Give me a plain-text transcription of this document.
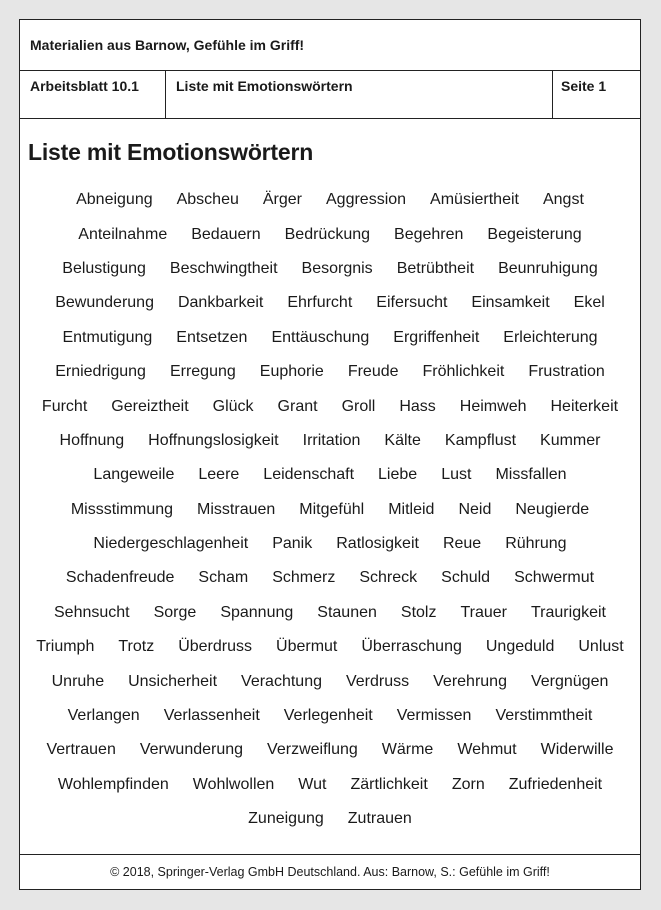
Materialien aus Barnow, Gefühle im Griff!
Arbeitsblatt 10.1	Liste mit Emotionswörtern	Seite 1
Liste mit Emotionswörtern
Abneigung Abscheu Ärger Aggression Amüsiertheit Angst
Anteilnahme Bedauern Bedrückung Begehren Begeisterung
Belustigung Beschwingtheit Besorgnis Betrübtheit Beunruhigung
Bewunderung Dankbarkeit Ehrfurcht Eifersucht Einsamkeit Ekel
Entmutigung Entsetzen Enttäuschung Ergriffenheit Erleichterung
Erniedrigung Erregung Euphorie Freude Fröhlichkeit Frustration
Furcht Gereiztheit Glück Grant Groll Hass Heimweh Heiterkeit
Hoffnung Hoffnungslosigkeit Irritation Kälte Kampflust Kummer
Langeweile Leere Leidenschaft Liebe Lust Missfallen
Missstimmung Misstrauen Mitgefühl Mitleid Neid Neugierde
Niedergeschlagenheit Panik Ratlosigkeit Reue Rührung
Schadenfreude Scham Schmerz Schreck Schuld Schwermut
Sehnsucht Sorge Spannung Staunen Stolz Trauer Traurigkeit
Triumph Trotz Überdruss Übermut Überraschung Ungeduld Unlust
Unruhe Unsicherheit Verachtung Verdruss Verehrung Vergnügen
Verlangen Verlassenheit Verlegenheit Vermissen Verstimmtheit
Vertrauen Verwunderung Verzweiflung Wärme Wehmut Widerwille
Wohlempfinden Wohlwollen Wut Zärtlichkeit Zorn Zufriedenheit
Zuneigung Zutrauen
© 2018, Springer-Verlag GmbH Deutschland. Aus: Barnow, S.: Gefühle im Griff!
